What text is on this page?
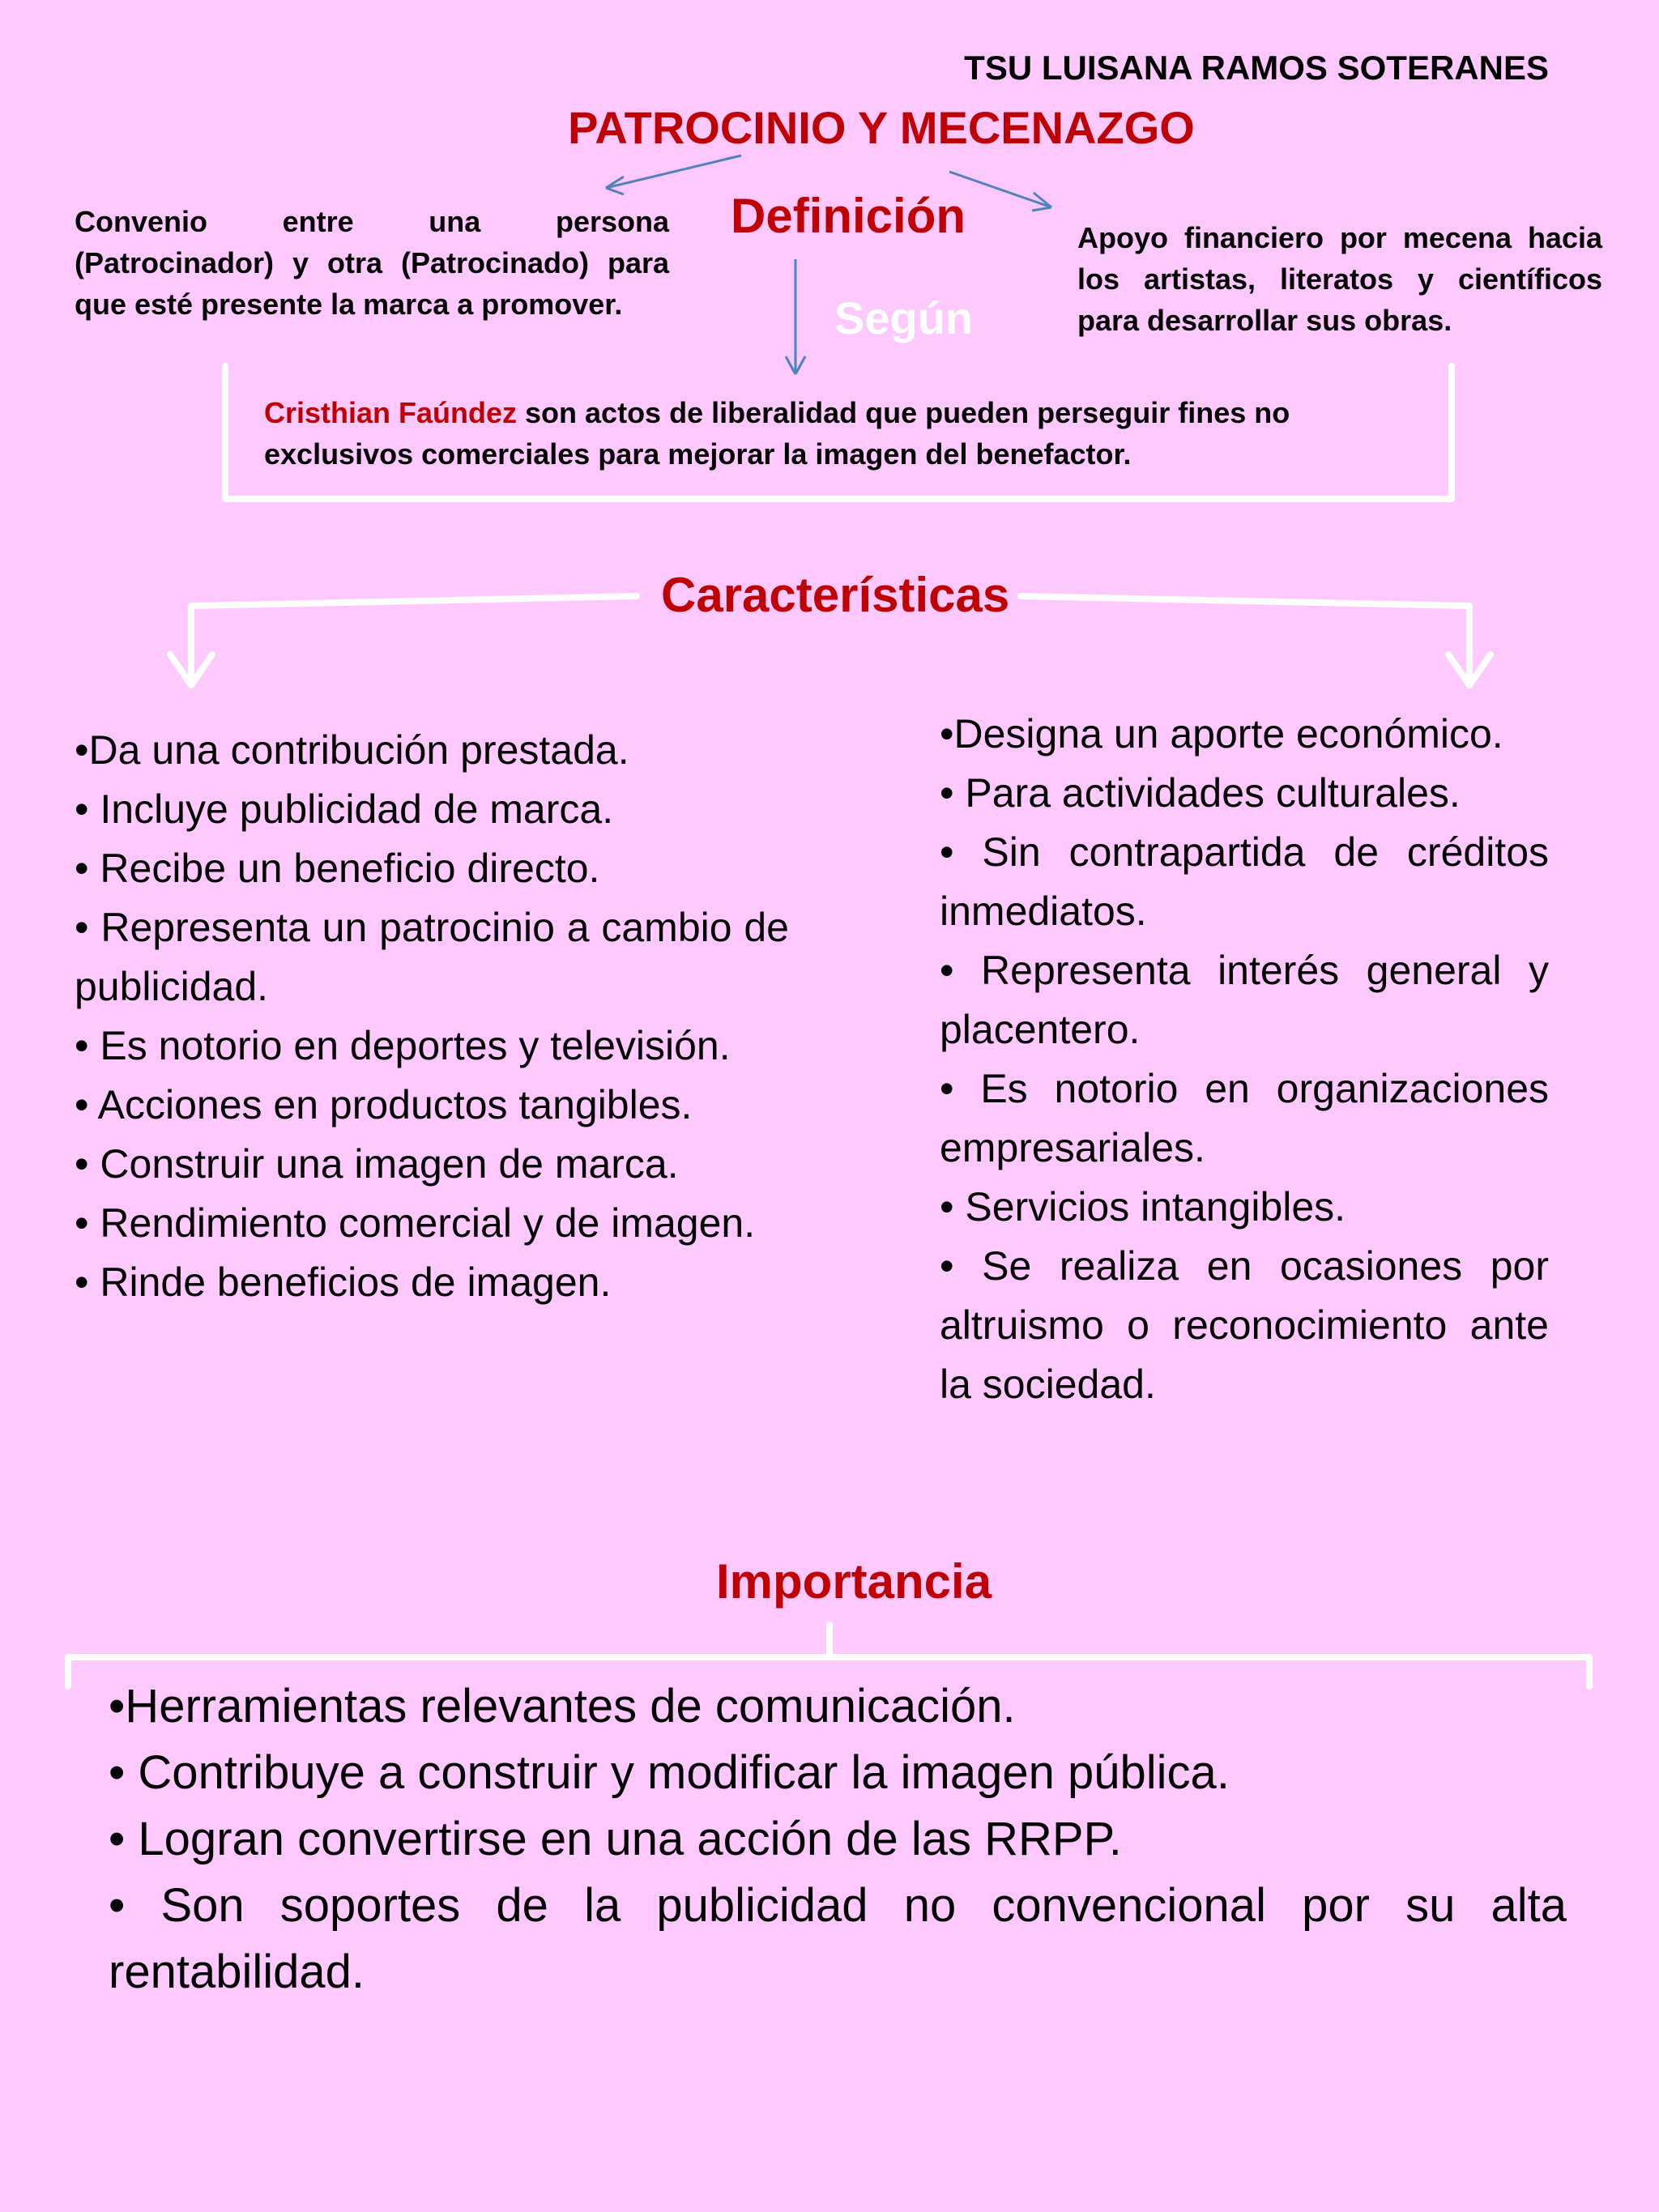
TSU LUISANA RAMOS SOTERANES
PATROCINIO Y MECENAZGO
Convenio entre una persona (Patrocinador) y otra (Patrocinado) para que esté presente la marca a promover.
Definición	Apoyo financiero por mecena hacia los artistas, literatos y científicos para desarrollar sus obras.
Según
Cristhian Faúndez son actos de liberalidad que pueden perseguir fines no exclusivos comerciales para mejorar la imagen del benefactor.
Características
•Da una contribución prestada.
• Incluye publicidad de marca.
• Recibe un beneficio directo.
• Representa un patrocinio a cambio de publicidad.
• Es notorio en deportes y televisión.
• Acciones en productos tangibles.
• Construir una imagen de marca.
• Rendimiento comercial y de imagen.
• Rinde beneficios de imagen.
•Designa un aporte económico.
• Para actividades culturales.
• Sin contrapartida de créditos inmediatos.
• Representa interés general y placentero.
• Es notorio en organizaciones empresariales.
• Servicios intangibles.
• Se realiza en ocasiones por altruismo o reconocimiento ante la sociedad.
Importancia
•Herramientas relevantes de comunicación.
• Contribuye a construir y modificar la imagen pública.
• Logran convertirse en una acción de las RRPP.
• Son soportes de la publicidad no convencional por su alta rentabilidad.
